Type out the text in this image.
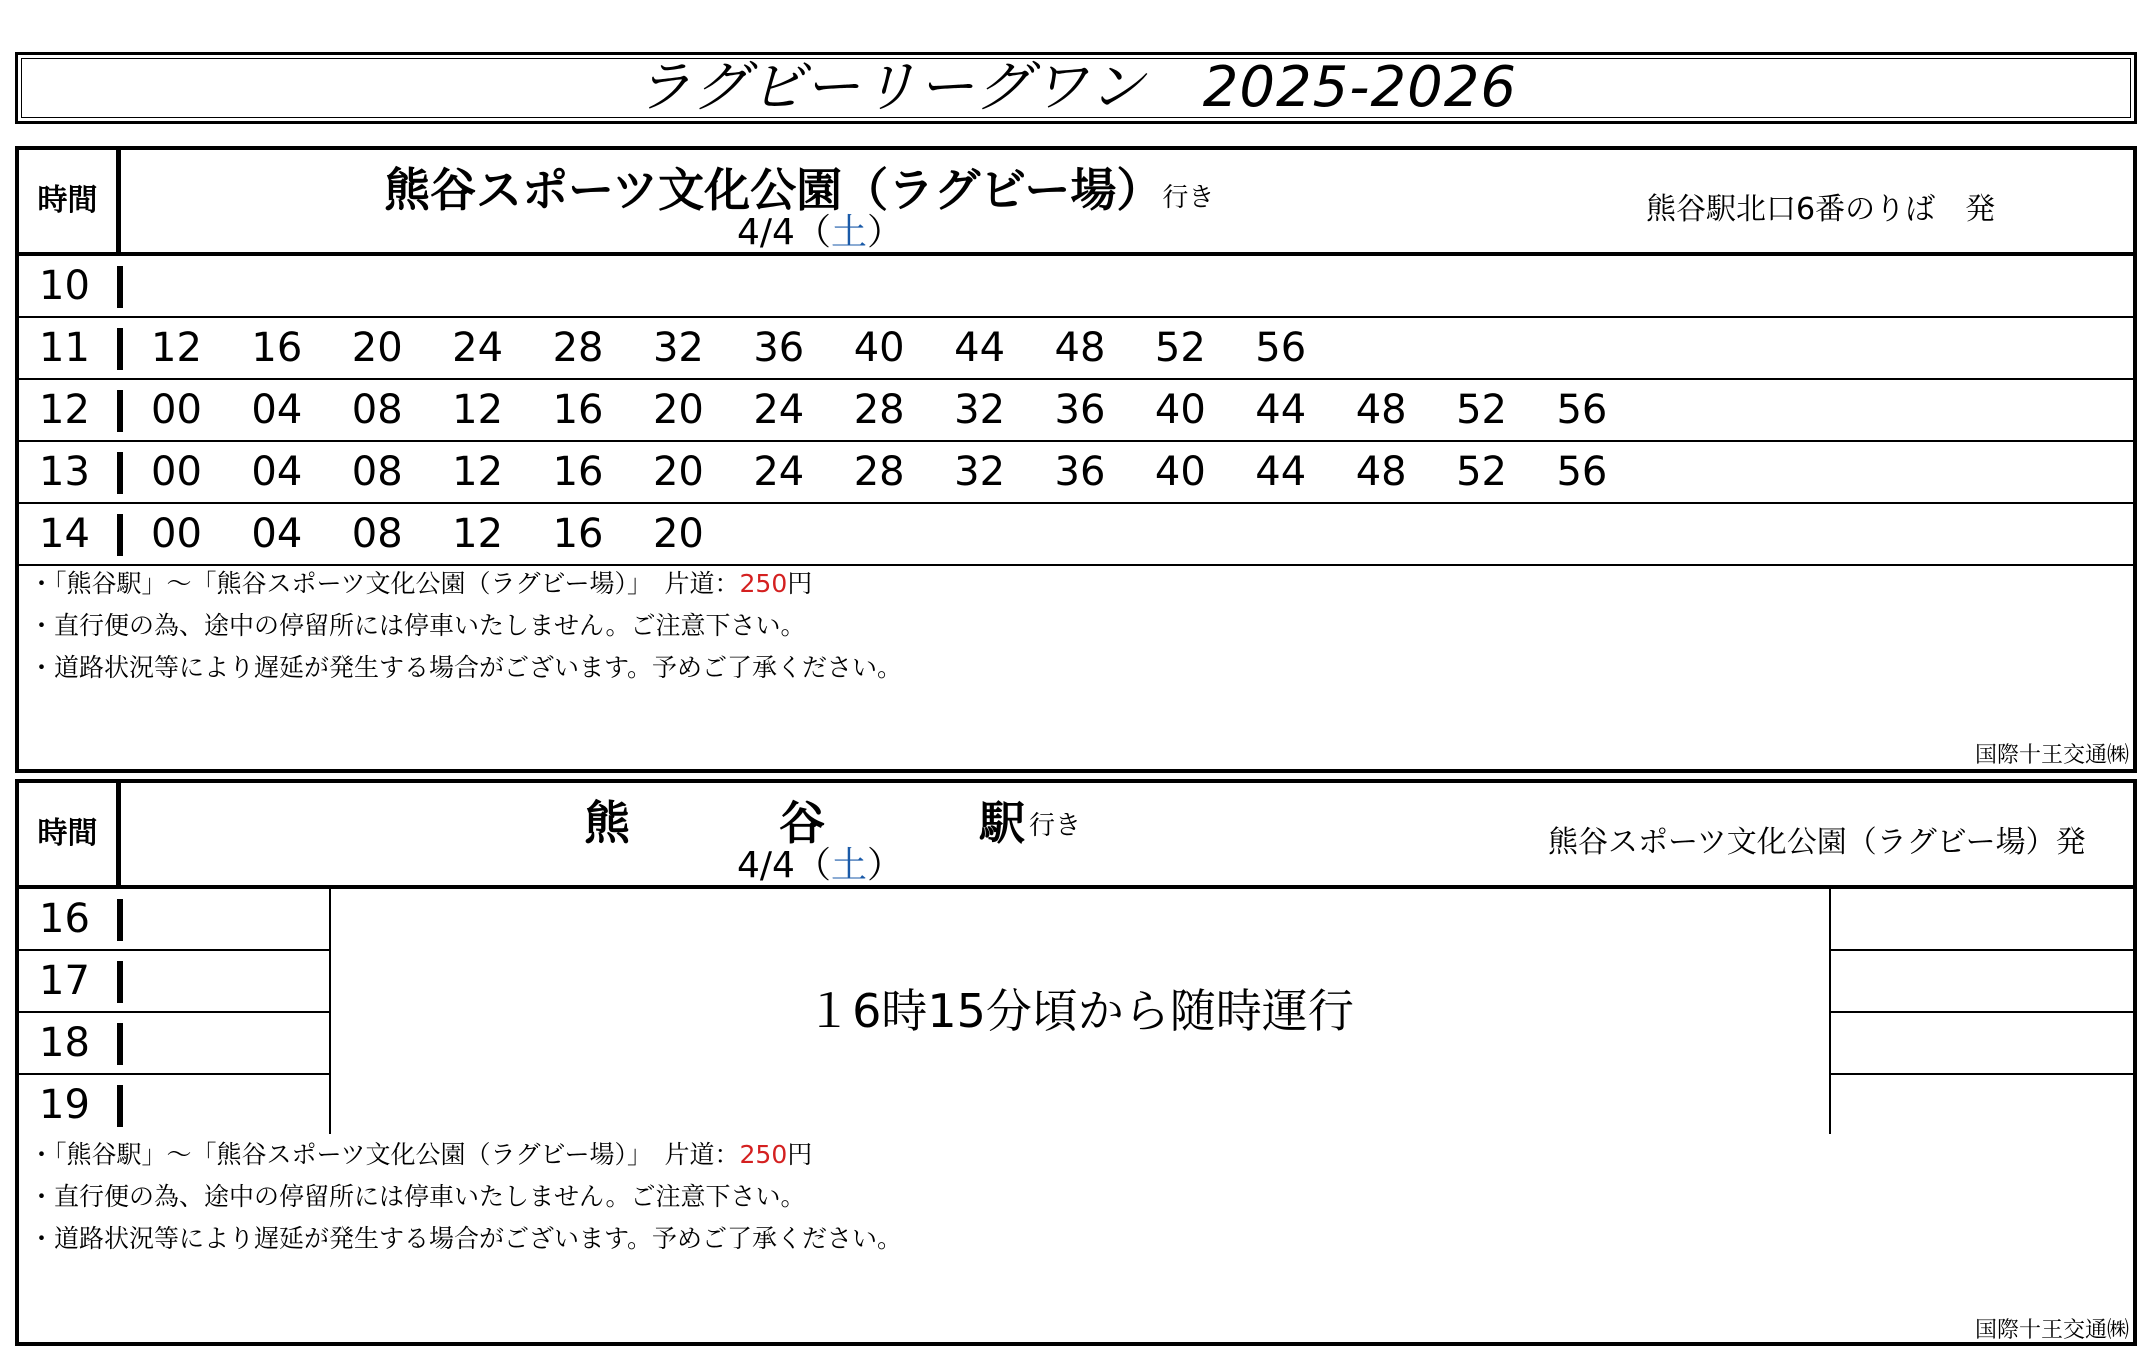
ラグビーリーグワン　2025-2026
時間	熊谷スポーツ文化公園（ラグビー場）行き
4/4（土）
熊谷駅北口6番のりば　発
10
11	12 16 20 24 28 32 36 40 44 48 52 56
12	00 04 08 12 16 20 24 28 32 36 40 44 48 52 56
13	00 04 08 12 16 20 24 28 32 36 40 44 48 52 56
14	00 04 08 12 16 20
・「熊谷駅」～「熊谷スポーツ文化公園（ラグビー場）」　片道：250円
・直行便の為、途中の停留所には停車いたしません。ご注意下さい。
・道路状況等により遅延が発生する場合がございます。予めご了承ください。
国際十王交通㈱
時間	熊	谷	駅 行き
4/4（土）
熊谷スポーツ文化公園（ラグビー場）発
16
17
18
19
１6時15分頃から随時運行
・「熊谷駅」～「熊谷スポーツ文化公園（ラグビー場）」　片道：250円
・直行便の為、途中の停留所には停車いたしません。ご注意下さい。
・道路状況等により遅延が発生する場合がございます。予めご了承ください。
国際十王交通㈱
